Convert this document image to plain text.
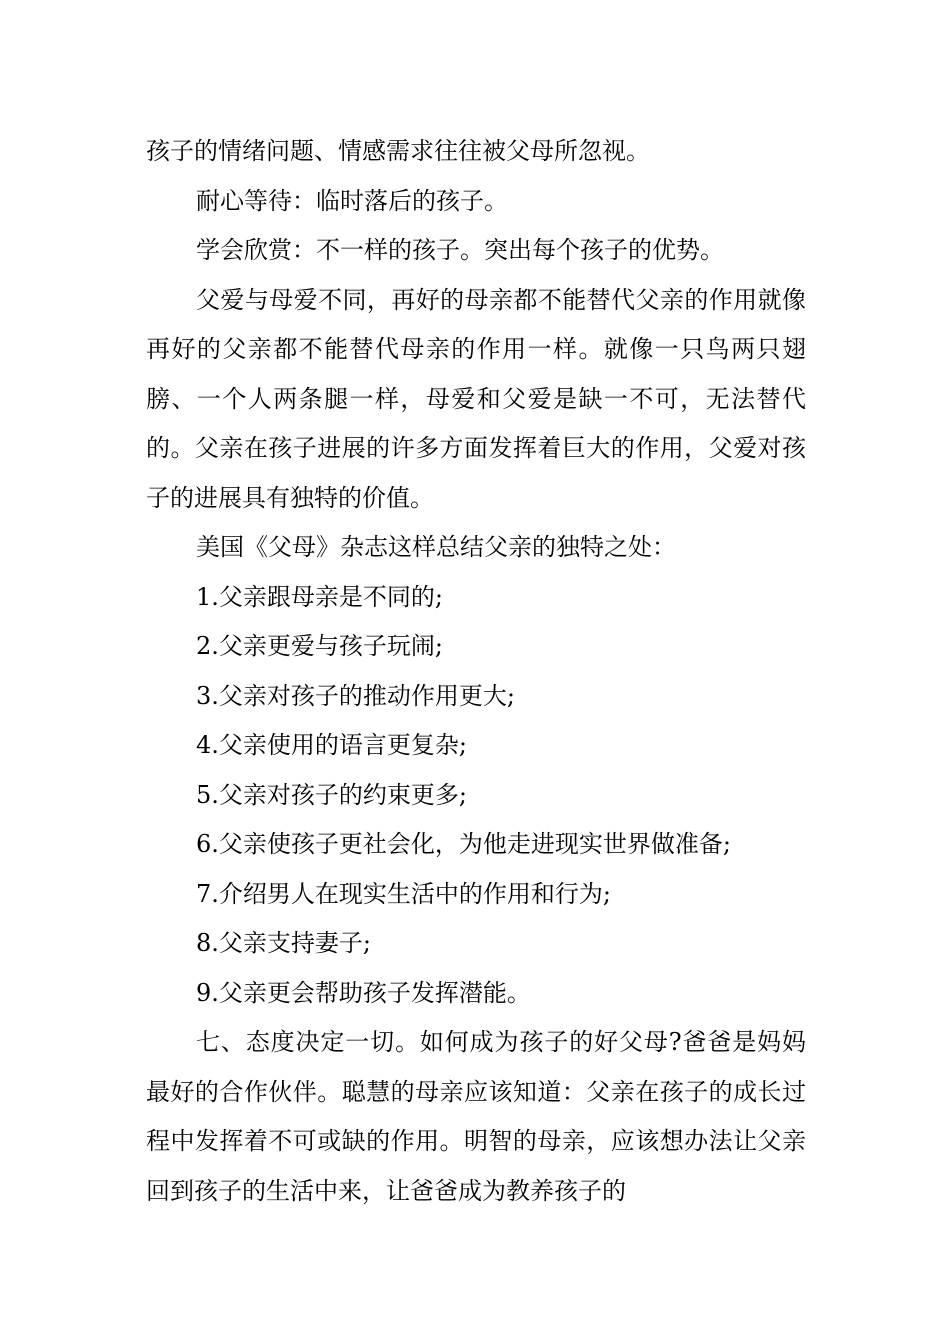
孩子的情绪问题、情感需求往往被父母所忽视。

耐心等待：临时落后的孩子。

学会欣赏：不一样的孩子。突出每个孩子的优势。

父爱与母爱不同，再好的母亲都不能替代父亲的作用就像再好的父亲都不能替代母亲的作用一样。就像一只鸟两只翅膀、一个人两条腿一样，母爱和父爱是缺一不可，无法替代的。父亲在孩子进展的许多方面发挥着巨大的作用，父爱对孩子的进展具有独特的价值。

美国《父母》杂志这样总结父亲的独特之处：

1.父亲跟母亲是不同的;

2.父亲更爱与孩子玩闹;

3.父亲对孩子的推动作用更大;

4.父亲使用的语言更复杂;

5.父亲对孩子的约束更多;

6.父亲使孩子更社会化，为他走进现实世界做准备;

7.介绍男人在现实生活中的作用和行为;

8.父亲支持妻子;

9.父亲更会帮助孩子发挥潜能。

七、态度决定一切。如何成为孩子的好父母?爸爸是妈妈最好的合作伙伴。聪慧的母亲应该知道：父亲在孩子的成长过程中发挥着不可或缺的作用。明智的母亲，应该想办法让父亲回到孩子的生活中来，让爸爸成为教养孩子的
